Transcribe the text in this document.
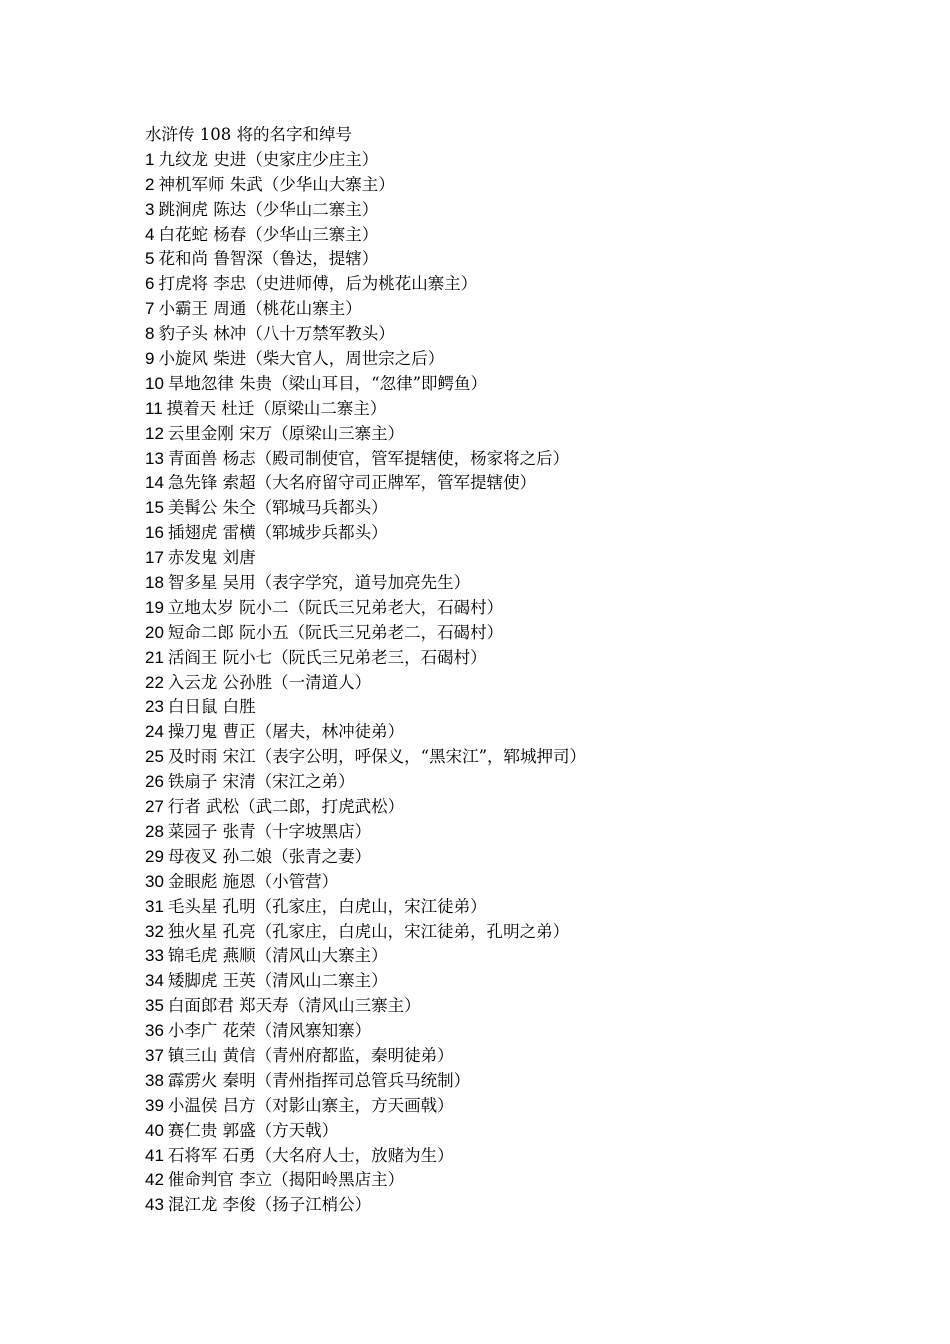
水浒传 108 将的名字和绰号
1 九纹龙 史进（史家庄少庄主）
2 神机军师 朱武（少华山大寨主）
3 跳涧虎 陈达（少华山二寨主）
4 白花蛇 杨春（少华山三寨主）
5 花和尚 鲁智深（鲁达，提辖）
6 打虎将 李忠（史进师傅，后为桃花山寨主）
7 小霸王 周通（桃花山寨主）
8 豹子头 林冲（八十万禁军教头）
9 小旋风 柴进（柴大官人，周世宗之后）
10 旱地忽律 朱贵（梁山耳目，“忽律”即鳄鱼）
11 摸着天 杜迁（原梁山二寨主）
12 云里金刚 宋万（原梁山三寨主）
13 青面兽 杨志（殿司制使官，管军提辖使，杨家将之后）
14 急先锋 索超（大名府留守司正牌军，管军提辖使）
15 美髯公 朱仝（郓城马兵都头）
16 插翅虎 雷横（郓城步兵都头）
17 赤发鬼 刘唐
18 智多星 吴用（表字学究，道号加亮先生）
19 立地太岁 阮小二（阮氏三兄弟老大，石碣村）
20 短命二郎 阮小五（阮氏三兄弟老二，石碣村）
21 活阎王 阮小七（阮氏三兄弟老三，石碣村）
22 入云龙 公孙胜（一清道人）
23 白日鼠 白胜
24 操刀鬼 曹正（屠夫，林冲徒弟）
25 及时雨 宋江（表字公明，呼保义，“黑宋江”，郓城押司）
26 铁扇子 宋清（宋江之弟）
27 行者 武松（武二郎，打虎武松）
28 菜园子 张青（十字坡黑店）
29 母夜叉 孙二娘（张青之妻）
30 金眼彪 施恩（小管营）
31 毛头星 孔明（孔家庄，白虎山，宋江徒弟）
32 独火星 孔亮（孔家庄，白虎山，宋江徒弟，孔明之弟）
33 锦毛虎 燕顺（清风山大寨主）
34 矮脚虎 王英（清风山二寨主）
35 白面郎君 郑天寿（清风山三寨主）
36 小李广 花荣（清风寨知寨）
37 镇三山 黄信（青州府都监，秦明徒弟）
38 霹雳火 秦明（青州指挥司总管兵马统制）
39 小温侯 吕方（对影山寨主，方天画戟）
40 赛仁贵 郭盛（方天戟）
41 石将军 石勇（大名府人士，放赌为生）
42 催命判官 李立（揭阳岭黑店主）
43 混江龙 李俊（扬子江梢公）
